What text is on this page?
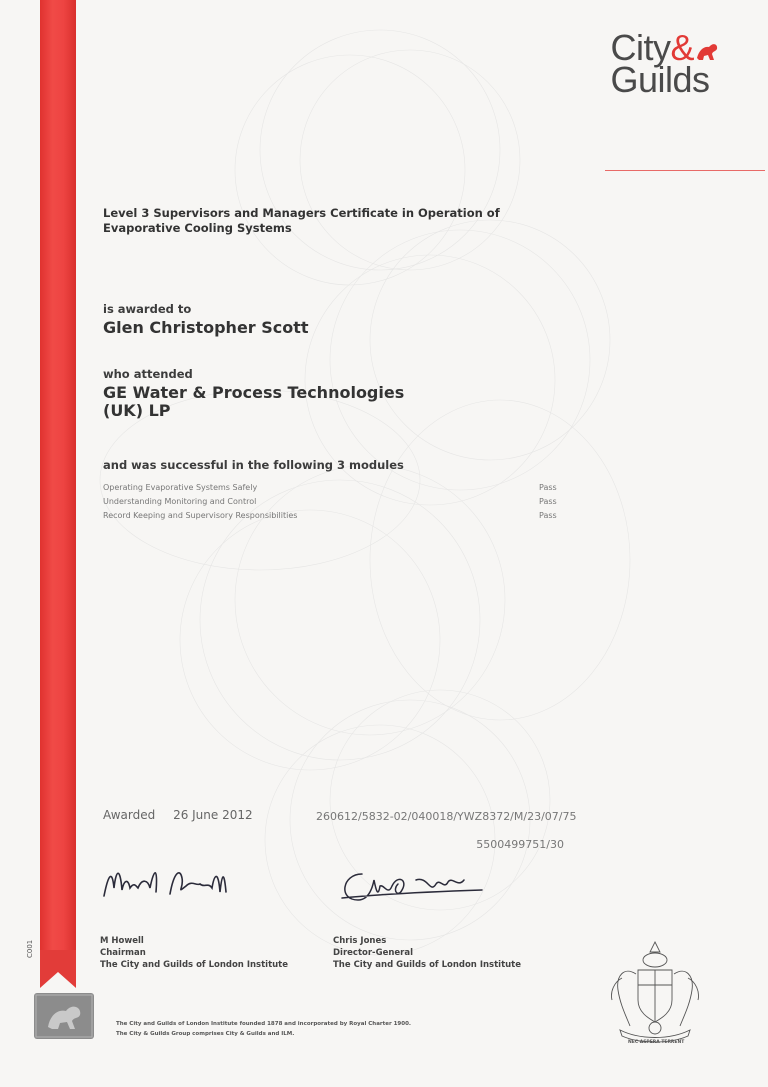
City&
Guilds
Level 3 Supervisors and Managers Certificate in Operation of Evaporative Cooling Systems
is awarded to
Glen Christopher Scott
who attended
GE Water & Process Technologies
(UK) LP
and was successful in the following 3 modules
Operating Evaporative Systems Safely	Pass
Understanding Monitoring and Control	Pass
Record Keeping and Supervisory Responsibilities	Pass
Awarded 26 June 2012	260612/5832-02/040018/YWZ8372/M/23/07/75
5500499751/30
M Howell
Chairman
The City and Guilds of London Institute
Chris Jones
Director-General
The City and Guilds of London Institute
C001
The City and Guilds of London Institute founded 1878 and incorporated by Royal Charter 1900.
The City & Guilds Group comprises City & Guilds and ILM.
NEC ASPERA TERRENT
